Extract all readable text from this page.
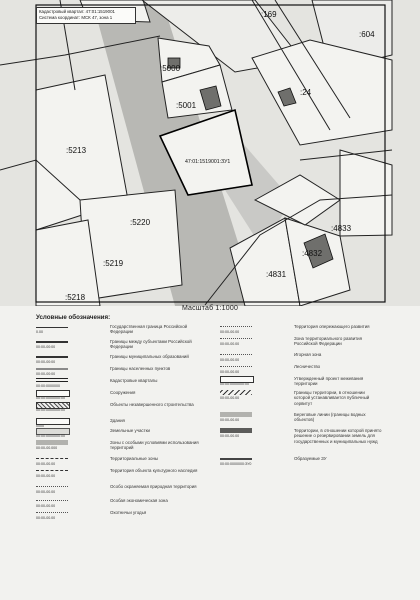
:169
:604
:5000
:5001
:24
:5213
47:01:1519001:ЗУ1
:5220
:4833
:4832
:5219
:4831
:5218
Кадастровый квартал: 47:01:1519001
Система координат: МСК 47, зона 1
Масштаб 1:1000
Условные обозначения:
0.00
Государственная граница Российской Федерации
00:00-00:00
Границы между субъектами Российской Федерации
00:00-00:00
Границы муниципальных образований
00:00-00:00
Границы населенных пунктов
00:00:0000000
Кадастровые кварталы
00:00:0000000:00
Сооружения
00:00:0000000:00
Объекты незавершенного строительства
0000
Здания
00:00:0000000:00
Земельные участки
00:00-00.000
Зоны с особыми условиями использования территорий
00:00-00.00
Территориальные зоны
00:00-00.00
Территория объекта культурного наследия
00:00-00.00
Особо охраняемая природная территория
00:00-00.00
Особая экономическая зона
00:00-00.00
Охотничьи угодья
00:00-00.00
Территория опережающего развития
00:00-00.00
Зона территориального развития Российской Федерации
00:00-00.00
Игорная зона
00:00-00.00
Лесничество
00:00:0000000:00
Утвержденный проект межевания территории
00:00-00.00
Границы территории, в отношении которой устанавливается публичный сервитут
00:00-00.00
Береговые линии (границы водных объектов)
00:00-00.00
Территории, в отношении которой принято решение о резервировании земель для государственных и муниципальных нужд
00:00:0000000:ЗУ0
Образуемые ЗУ
